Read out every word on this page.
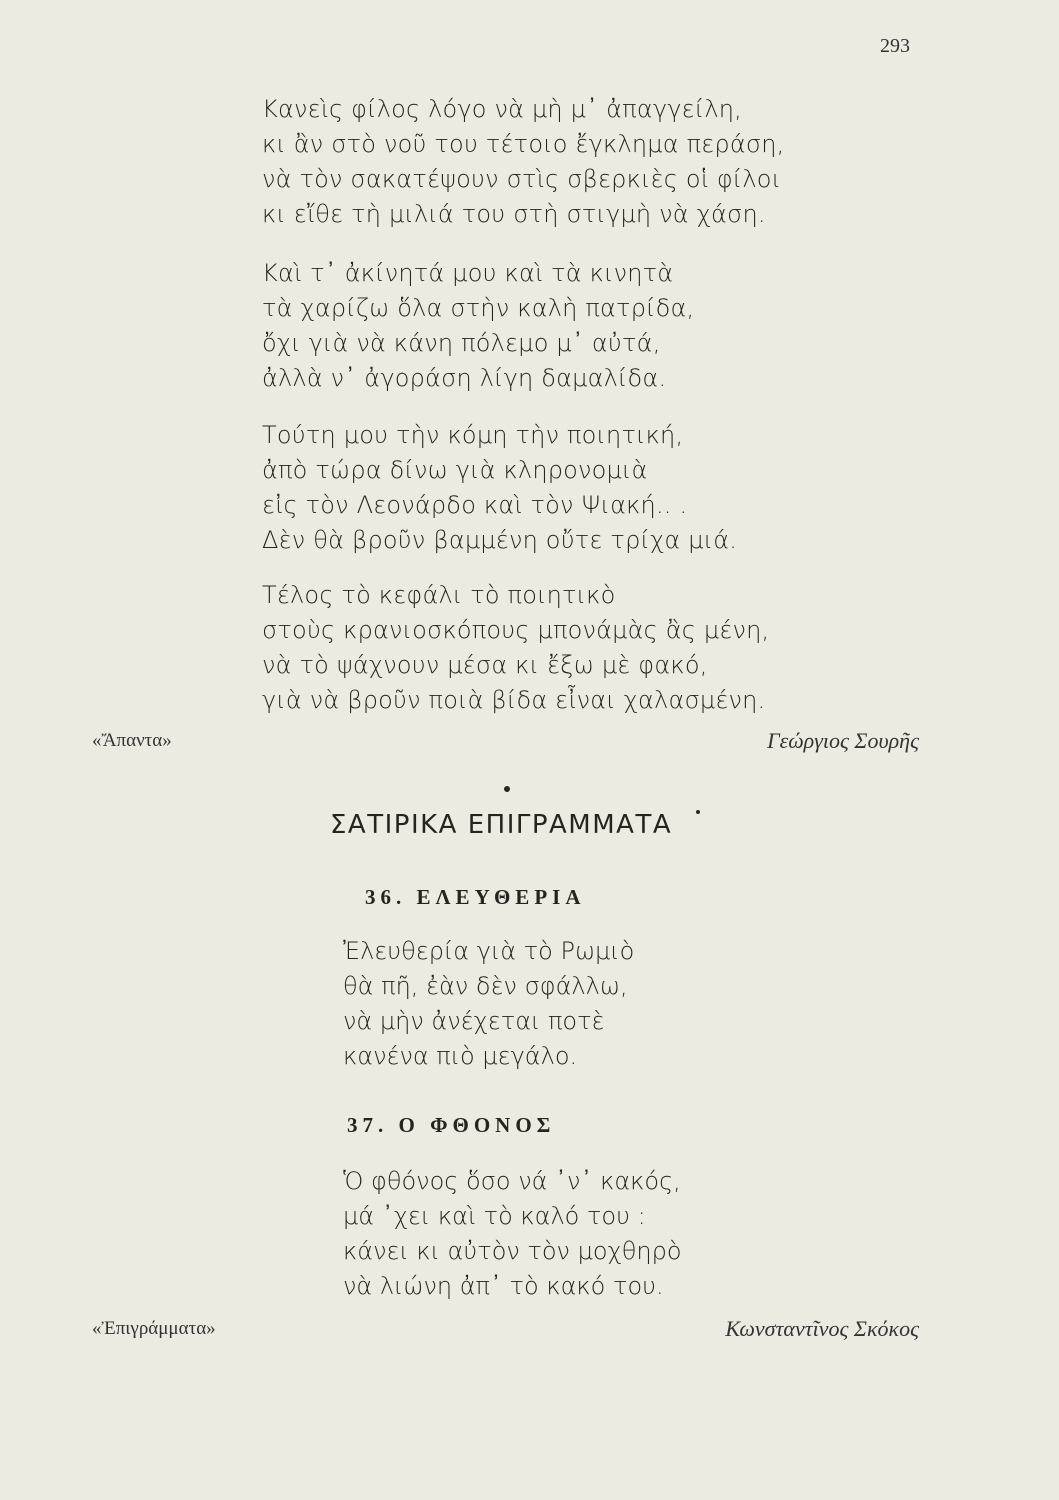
293
Κανεὶς φίλος λόγο νὰ μὴ μ᾽ ἀπαγγείλη,
κι ἂν στὸ νοῦ του τέτοιο ἔγκλημα περάση,
νὰ τὸν σακατέψουν στὶς σβερκιὲς οἱ φίλοι
κι εἴθε τὴ μιλιά του στὴ στιγμὴ νὰ χάση.
Καὶ τ᾽ ἀκίνητά μου καὶ τὰ κινητὰ
τὰ χαρίζω ὅλα στὴν καλὴ πατρίδα,
ὄχι γιὰ νὰ κάνη πόλεμο μ᾽ αὐτά,
ἀλλὰ ν᾽ ἀγοράση λίγη δαμαλίδα.
Τούτη μου τὴν κόμη τὴν ποιητική,
ἀπὸ τώρα δίνω γιὰ κληρονομιὰ
εἰς τὸν Λεονάρδο καὶ τὸν Ψιακή.. .
Δὲν θὰ βροῦν βαμμένη οὔτε τρίχα μιά.
Τέλος τὸ κεφάλι τὸ ποιητικὸ
στοὺς κρανιοσκόπους μπονάμὰς ἂς μένη,
νὰ τὸ ψάχνουν μέσα κι ἔξω μὲ φακό,
γιὰ νὰ βροῦν ποιὰ βίδα εἶναι χαλασμένη.
«Ἄπαντα»	Γεώργιος Σουρῆς
ΣΑΤΙΡΙΚΑ ΕΠΙΓΡΑΜΜΑΤΑ
36. ΕΛΕΥΘΕΡΙΑ
Ἐλευθερία γιὰ τὸ Ρωμιὸ
θὰ πῆ, ἐὰν δὲν σφάλλω,
νὰ μὴν ἀνέχεται ποτὲ
κανένα πιὸ μεγάλο.
37. Ο ΦΘΟΝΟΣ
Ὁ φθόνος ὅσο νά ᾽ν᾽ κακός,
μά ᾽χει καὶ τὸ καλό του :
κάνει κι αὐτὸν τὸν μοχθηρὸ
νὰ λιώνη ἀπ᾽ τὸ κακό του.
«Ἐπιγράμματα»	Κωνσταντῖνος Σκόκος
